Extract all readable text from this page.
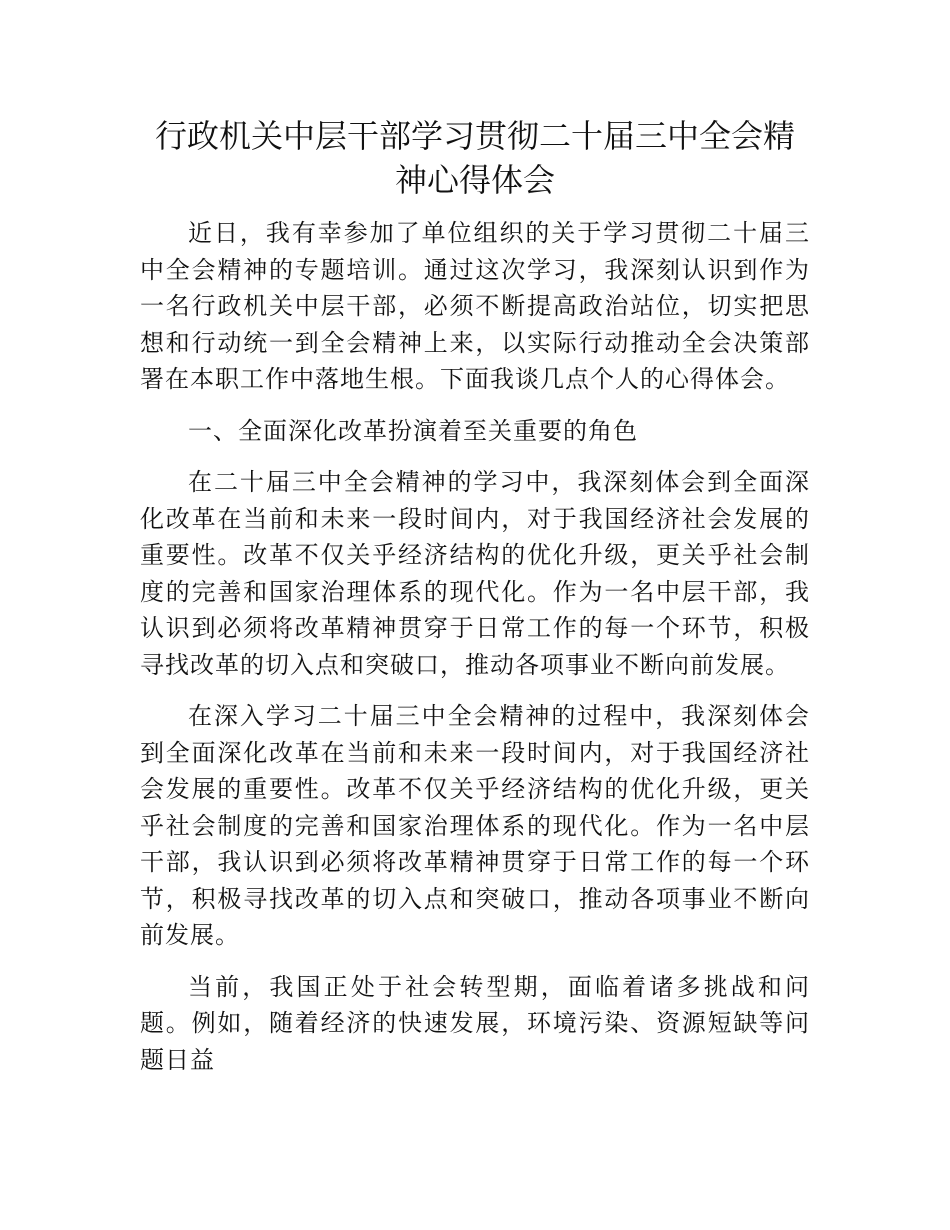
行政机关中层干部学习贯彻二十届三中全会精神心得体会

近日，我有幸参加了单位组织的关于学习贯彻二十届三中全会精神的专题培训。通过这次学习，我深刻认识到作为一名行政机关中层干部，必须不断提高政治站位，切实把思想和行动统一到全会精神上来，以实际行动推动全会决策部署在本职工作中落地生根。下面我谈几点个人的心得体会。

一、全面深化改革扮演着至关重要的角色

在二十届三中全会精神的学习中，我深刻体会到全面深化改革在当前和未来一段时间内，对于我国经济社会发展的重要性。改革不仅关乎经济结构的优化升级，更关乎社会制度的完善和国家治理体系的现代化。作为一名中层干部，我认识到必须将改革精神贯穿于日常工作的每一个环节，积极寻找改革的切入点和突破口，推动各项事业不断向前发展。

在深入学习二十届三中全会精神的过程中，我深刻体会到全面深化改革在当前和未来一段时间内，对于我国经济社会发展的重要性。改革不仅关乎经济结构的优化升级，更关乎社会制度的完善和国家治理体系的现代化。作为一名中层干部，我认识到必须将改革精神贯穿于日常工作的每一个环节，积极寻找改革的切入点和突破口，推动各项事业不断向前发展。

当前，我国正处于社会转型期，面临着诸多挑战和问题。例如，随着经济的快速发展，环境污染、资源短缺等问题日益
